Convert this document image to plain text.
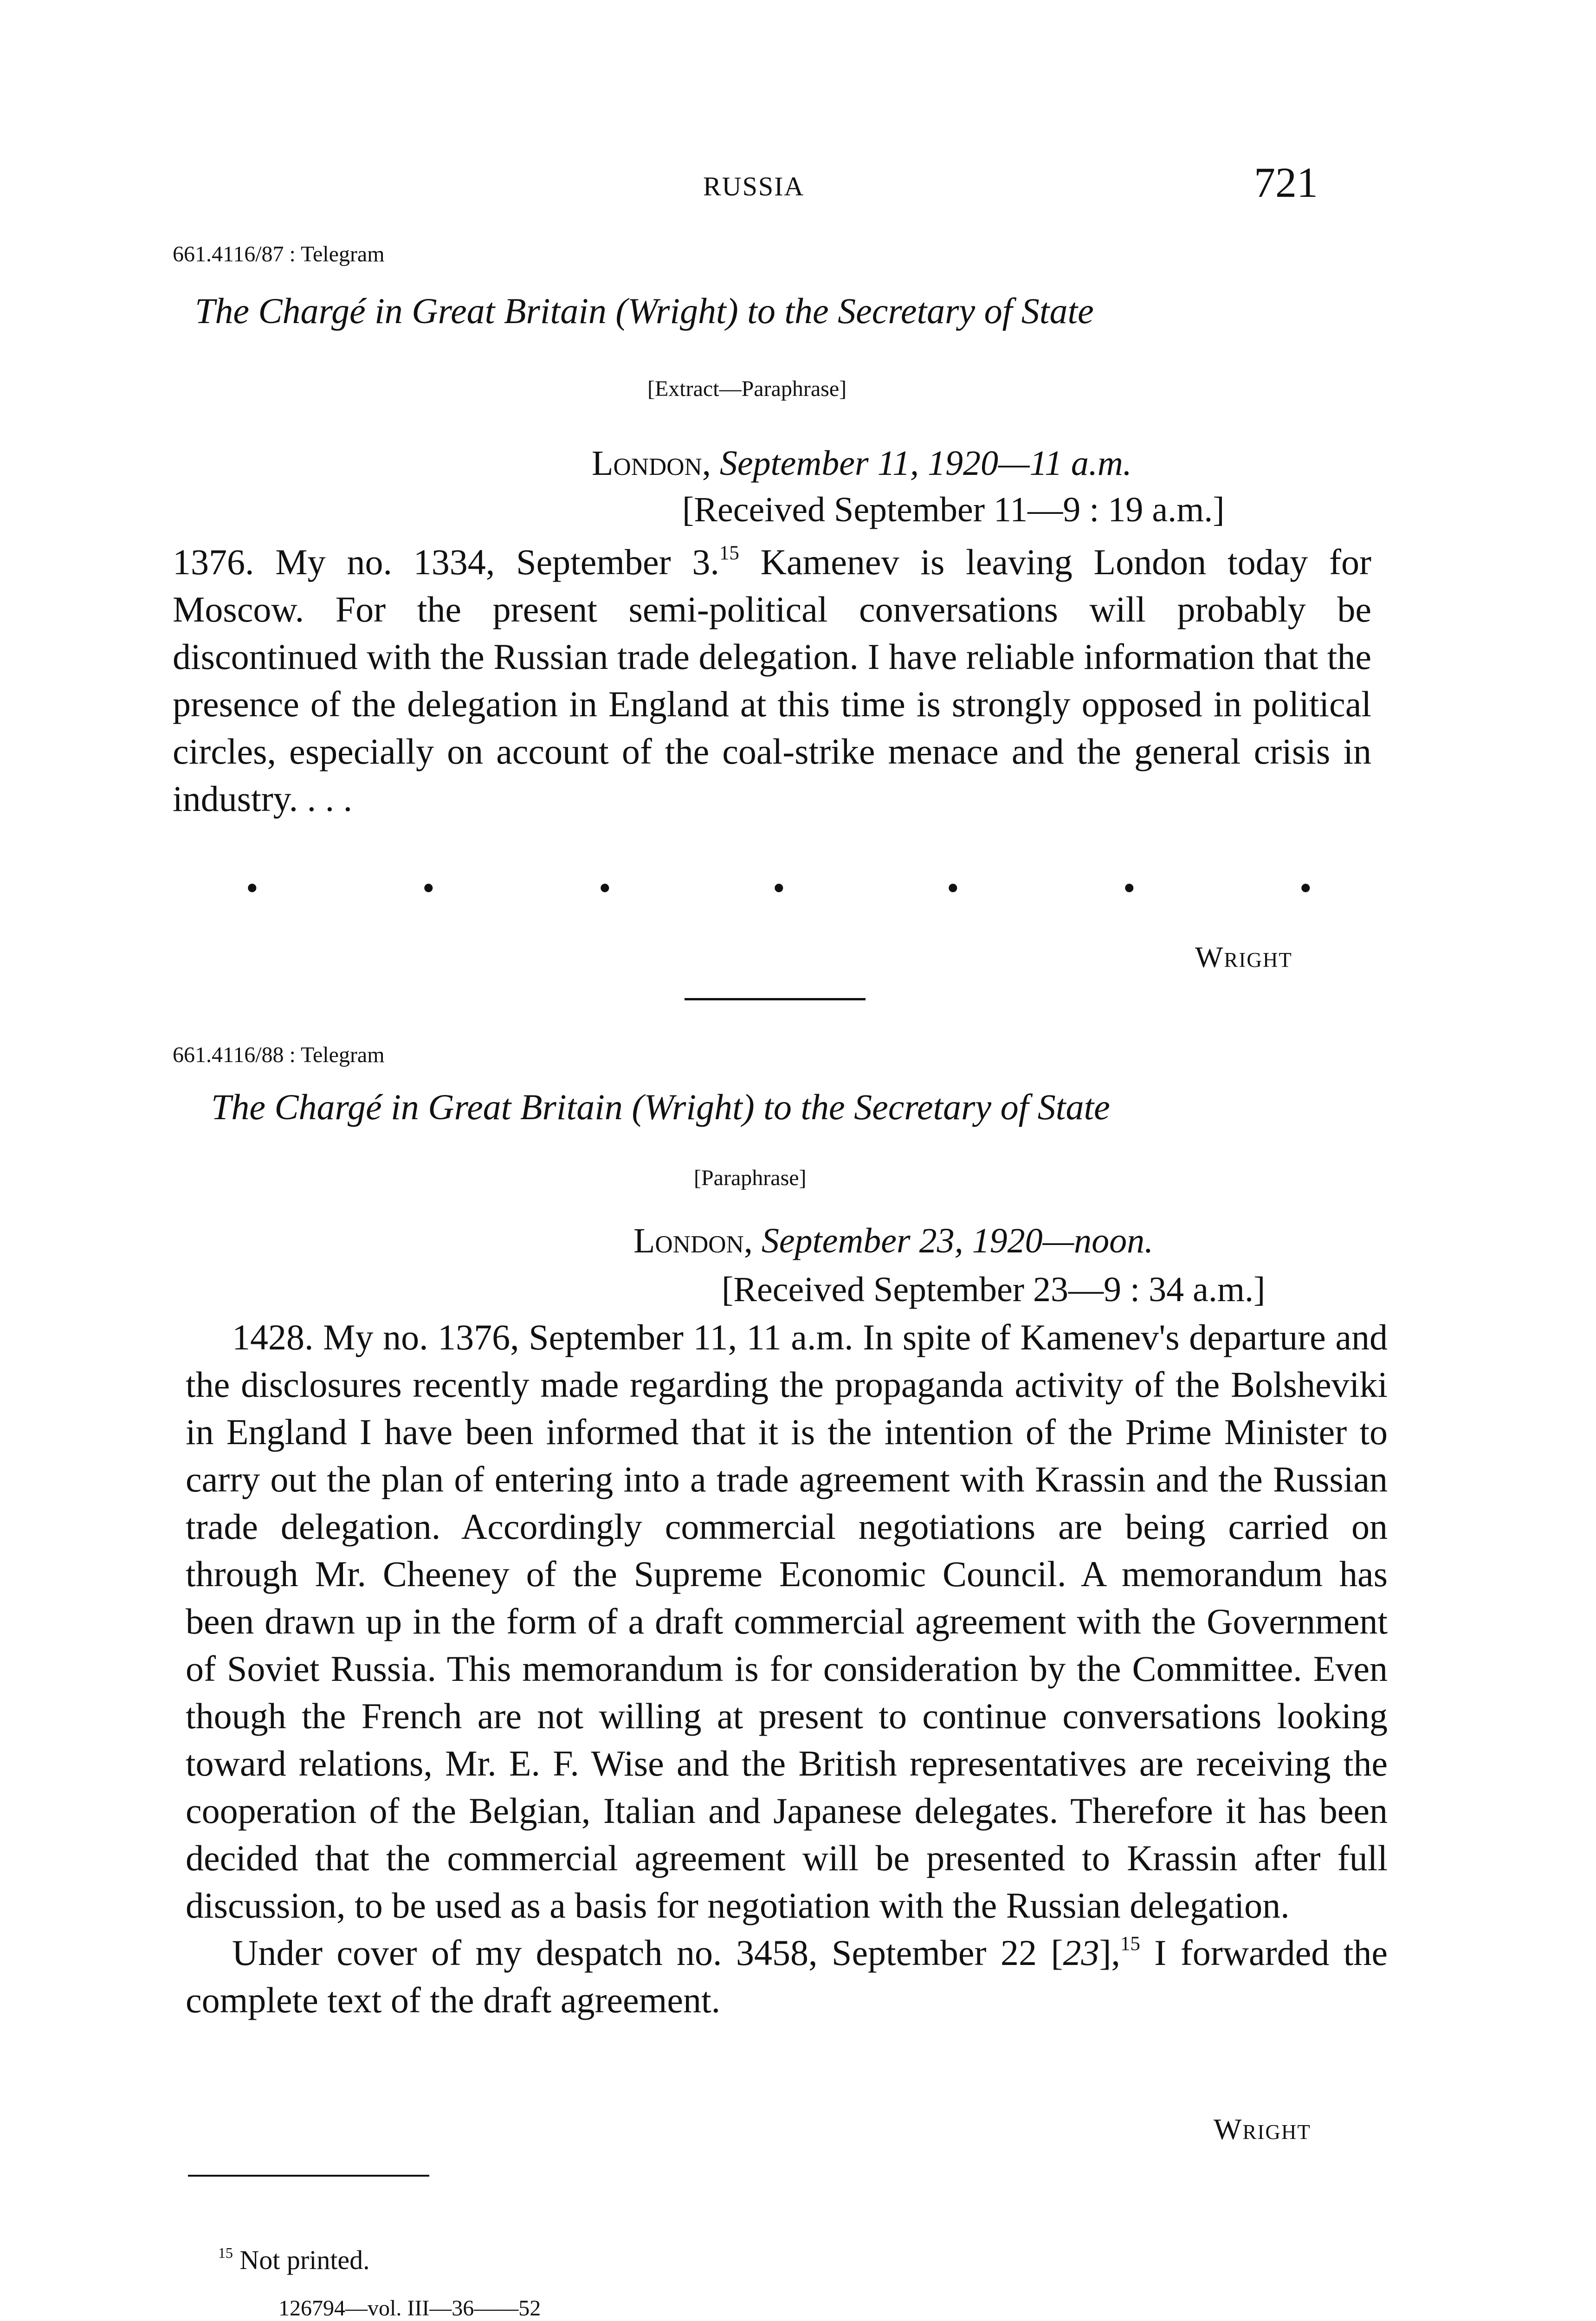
RUSSIA	721
661.4116/87 : Telegram
The Chargé in Great Britain (Wright) to the Secretary of State
[Extract—Paraphrase]
London, September 11, 1920—11 a.m.
[Received September 11—9 : 19 a.m.]

1376. My no. 1334, September 3.15 Kamenev is leaving London today for Moscow. For the present semi-political conversations will probably be discontinued with the Russian trade delegation. I have reliable information that the presence of the delegation in England at this time is strongly opposed in political circles, especially on account of the coal-strike menace and the general crisis in industry. . . .

•	•	•	•	•	•	•
Wright
661.4116/88 : Telegram
The Chargé in Great Britain (Wright) to the Secretary of State
[Paraphrase]
London, September 23, 1920—noon.
[Received September 23—9 : 34 a.m.]

1428. My no. 1376, September 11, 11 a.m. In spite of Kamenev's departure and the disclosures recently made regarding the propaganda activity of the Bolsheviki in England I have been informed that it is the intention of the Prime Minister to carry out the plan of entering into a trade agreement with Krassin and the Russian trade delegation. Accordingly commercial negotiations are being carried on through Mr. Cheeney of the Supreme Economic Council. A memorandum has been drawn up in the form of a draft commercial agreement with the Government of Soviet Russia. This memorandum is for consideration by the Committee. Even though the French are not willing at present to continue conversations looking toward relations, Mr. E. F. Wise and the British representatives are receiving the cooperation of the Belgian, Italian and Japanese delegates. Therefore it has been decided that the commercial agreement will be presented to Krassin after full discussion, to be used as a basis for negotiation with the Russian delegation.

Under cover of my despatch no. 3458, September 22 [23],$^{15}$ I forwarded the complete text of the draft agreement.

Wright
$^{15}$ Not printed.
126794—vol. III—36——52
